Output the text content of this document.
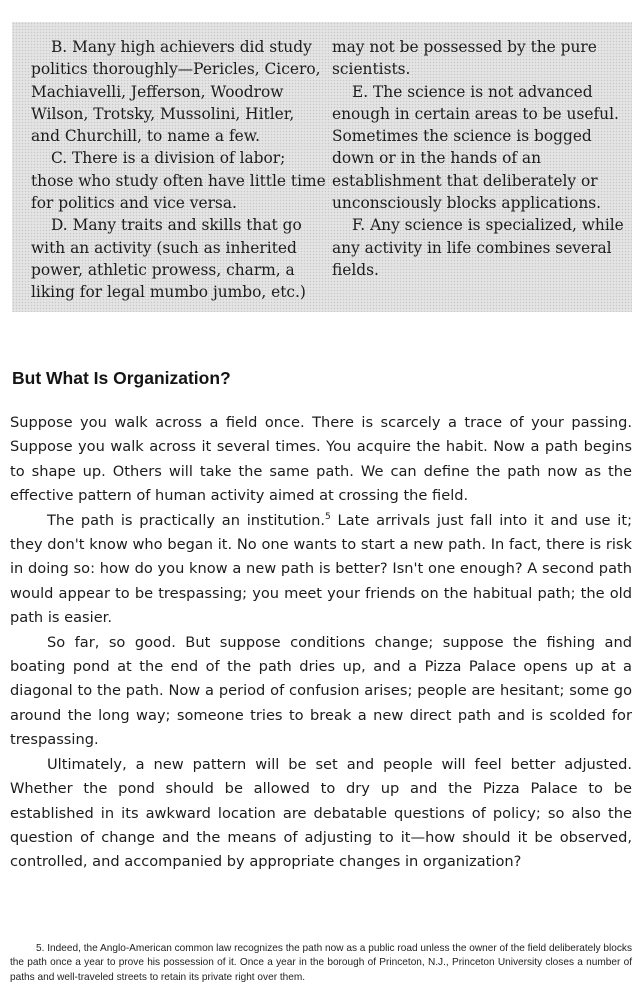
B. Many high achievers did study politics thoroughly—Pericles, Cicero, Machiavelli, Jefferson, Woodrow Wilson, Trotsky, Mussolini, Hitler, and Churchill, to name a few.

C. There is a division of labor; those who study often have little time for politics and vice versa.

D. Many traits and skills that go with an activity (such as inherited power, athletic prowess, charm, a liking for legal mumbo jumbo, etc.)

may not be possessed by the pure scientists.

E. The science is not advanced enough in certain areas to be useful. Sometimes the science is bogged down or in the hands of an establishment that deliberately or unconsciously blocks applications.

F. Any science is specialized, while any activity in life combines several fields.

But What Is Organization?

Suppose you walk across a field once. There is scarcely a trace of your passing. Suppose you walk across it several times. You acquire the habit. Now a path begins to shape up. Others will take the same path. We can define the path now as the effective pattern of human activity aimed at crossing the field.

The path is practically an institution.$^5$ Late arrivals just fall into it and use it; they don't know who began it. No one wants to start a new path. In fact, there is risk in doing so: how do you know a new path is better? Isn't one enough? A second path would appear to be trespassing; you meet your friends on the habitual path; the old path is easier.

So far, so good. But suppose conditions change; suppose the fishing and boating pond at the end of the path dries up, and a Pizza Palace opens up at a diagonal to the path. Now a period of confusion arises; people are hesitant; some go around the long way; someone tries to break a new direct path and is scolded for trespassing.

Ultimately, a new pattern will be set and people will feel better adjusted. Whether the pond should be allowed to dry up and the Pizza Palace to be established in its awkward location are debatable questions of policy; so also the question of change and the means of adjusting to it—how should it be observed, controlled, and accompanied by appropriate changes in organization?

5. Indeed, the Anglo-American common law recognizes the path now as a public road unless the owner of the field deliberately blocks the path once a year to prove his possession of it. Once a year in the borough of Princeton, N.J., Princeton University closes a number of paths and well-traveled streets to retain its private right over them.
